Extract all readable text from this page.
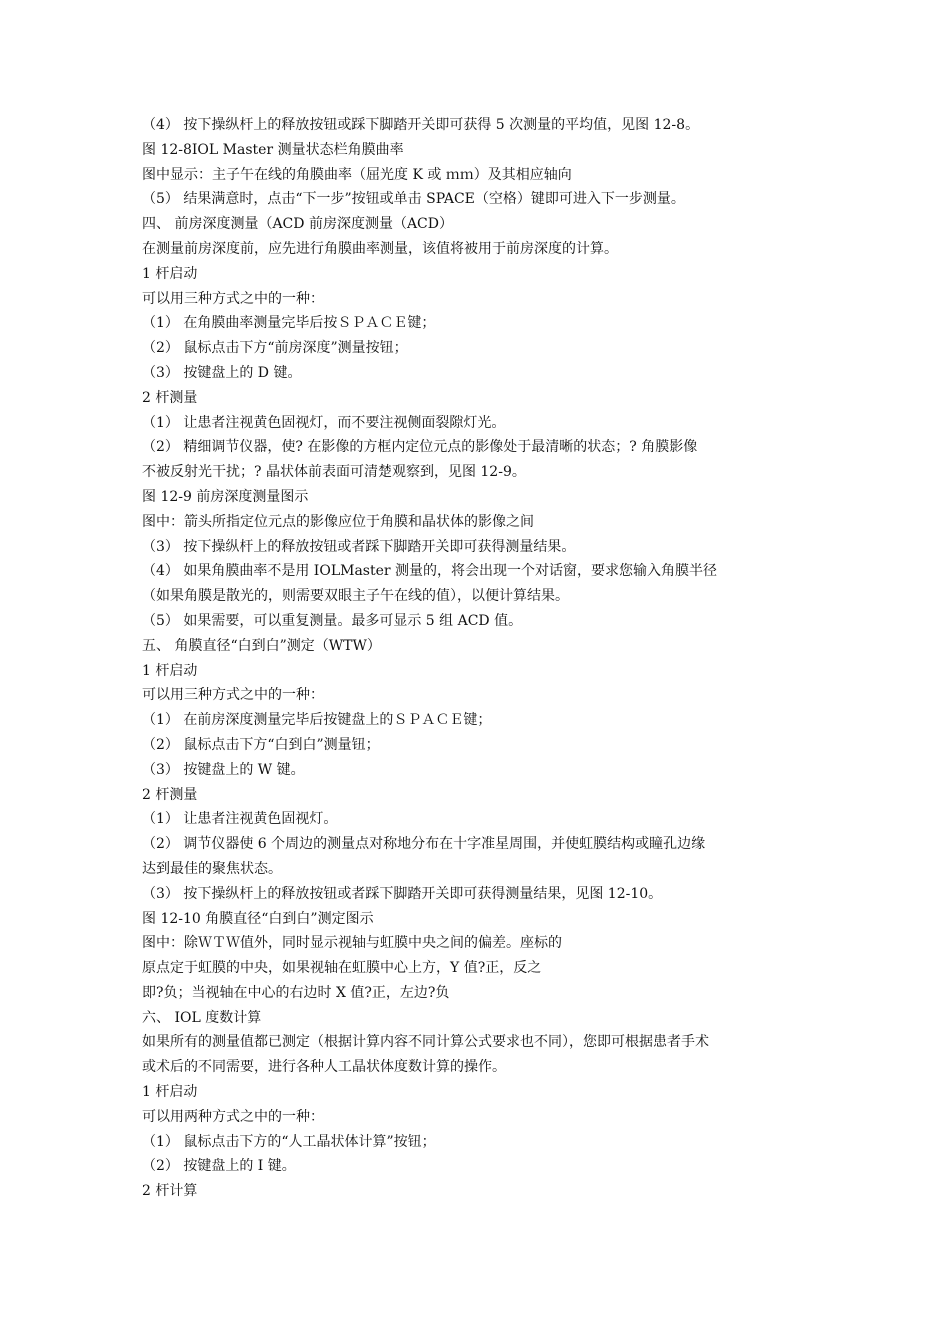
（4） 按下操纵杆上的释放按钮或踩下脚踏开关即可获得 5 次测量的平均值，见图 12-8。
图 12-8IOL Master 测量状态栏角膜曲率
图中显示：主子午在线的角膜曲率（屈光度 K 或 ｍｍ）及其相应轴向
（5） 结果满意时，点击“下一步”按钮或单击 SPACE（空格）键即可进入下一步测量。
四、 前房深度测量（ACD 前房深度测量（ACD）
在测量前房深度前，应先进行角膜曲率测量，该值将被用于前房深度的计算。
1 杆启动
可以用三种方式之中的一种：
（1） 在角膜曲率测量完毕后按ＳＰＡＣＥ键；
（2） 鼠标点击下方“前房深度”测量按钮；
（3） 按键盘上的 D 键。
2 杆测量
（1） 让患者注视黄色固视灯，而不要注视侧面裂隙灯光。
（2） 精细调节仪器，使? 在影像的方框内定位元点的影像处于最清晰的状态；? 角膜影像
不被反射光干扰；? 晶状体前表面可清楚观察到，见图 12-9。
图 12-9 前房深度测量图示
图中：箭头所指定位元点的影像应位于角膜和晶状体的影像之间
（3） 按下操纵杆上的释放按钮或者踩下脚踏开关即可获得测量结果。
（4） 如果角膜曲率不是用 IOLMaster 测量的，将会出现一个对话窗，要求您输入角膜半径
（如果角膜是散光的，则需要双眼主子午在线的值），以便计算结果。
（5） 如果需要，可以重复测量。最多可显示 5 组 ACD 值。
五、 角膜直径“白到白”测定（WTW）
1 杆启动
可以用三种方式之中的一种：
（1） 在前房深度测量完毕后按键盘上的ＳＰＡＣＥ键；
（2） 鼠标点击下方“白到白”测量钮；
（3） 按键盘上的 W 键。
2 杆测量
（1） 让患者注视黄色固视灯。
（2） 调节仪器使 6 个周边的测量点对称地分布在十字准星周围，并使虹膜结构或瞳孔边缘
达到最佳的聚焦状态。
（3） 按下操纵杆上的释放按钮或者踩下脚踏开关即可获得测量结果，见图 12-10。
图 12-10 角膜直径“白到白”测定图示
图中：除ＷＴＷ值外，同时显示视轴与虹膜中央之间的偏差。座标的
原点定于虹膜的中央，如果视轴在虹膜中心上方，Y 值?正，反之
即?负；当视轴在中心的右边时 X 值?正，左边?负
六、 IOL 度数计算
如果所有的测量值都已测定（根据计算内容不同计算公式要求也不同），您即可根据患者手术
或术后的不同需要，进行各种人工晶状体度数计算的操作。
1 杆启动
可以用两种方式之中的一种：
（1） 鼠标点击下方的“人工晶状体计算”按钮；
（2） 按键盘上的 I 键。
2 杆计算
